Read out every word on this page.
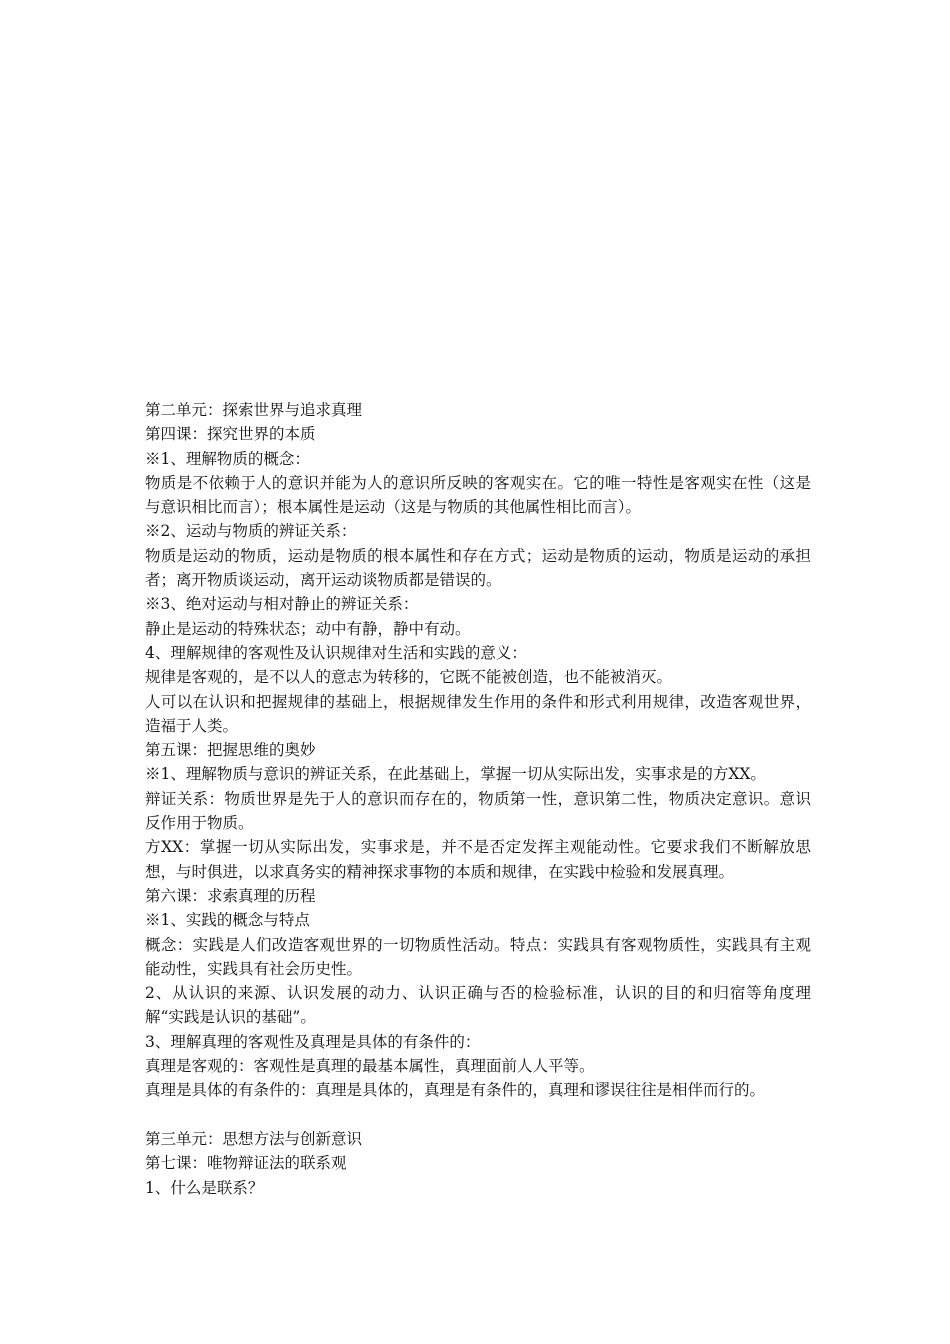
第二单元：探索世界与追求真理

第四课：探究世界的本质

※1、理解物质的概念：

物质是不依赖于人的意识并能为人的意识所反映的客观实在。它的唯一特性是客观实在性（这是与意识相比而言）；根本属性是运动（这是与物质的其他属性相比而言）。

※2、运动与物质的辨证关系：

物质是运动的物质，运动是物质的根本属性和存在方式；运动是物质的运动，物质是运动的承担者；离开物质谈运动，离开运动谈物质都是错误的。

※3、绝对运动与相对静止的辨证关系：

静止是运动的特殊状态；动中有静，静中有动。

4、理解规律的客观性及认识规律对生活和实践的意义：

规律是客观的，是不以人的意志为转移的，它既不能被创造，也不能被消灭。

人可以在认识和把握规律的基础上，根据规律发生作用的条件和形式利用规律，改造客观世界，造福于人类。

第五课：把握思维的奥妙

※1、理解物质与意识的辨证关系，在此基础上，掌握一切从实际出发，实事求是的方XX。

辩证关系：物质世界是先于人的意识而存在的，物质第一性，意识第二性，物质决定意识。意识反作用于物质。

方XX：掌握一切从实际出发，实事求是，并不是否定发挥主观能动性。它要求我们不断解放思想，与时俱进，以求真务实的精神探求事物的本质和规律，在实践中检验和发展真理。

第六课：求索真理的历程

※1、实践的概念与特点

概念：实践是人们改造客观世界的一切物质性活动。特点：实践具有客观物质性，实践具有主观能动性，实践具有社会历史性。

2、从认识的来源、认识发展的动力、认识正确与否的检验标准，认识的目的和归宿等角度理解“实践是认识的基础”。

3、理解真理的客观性及真理是具体的有条件的：

真理是客观的：客观性是真理的最基本属性，真理面前人人平等。

真理是具体的有条件的：真理是具体的，真理是有条件的，真理和谬误往往是相伴而行的。

第三单元：思想方法与创新意识

第七课：唯物辩证法的联系观

1、什么是联系？
